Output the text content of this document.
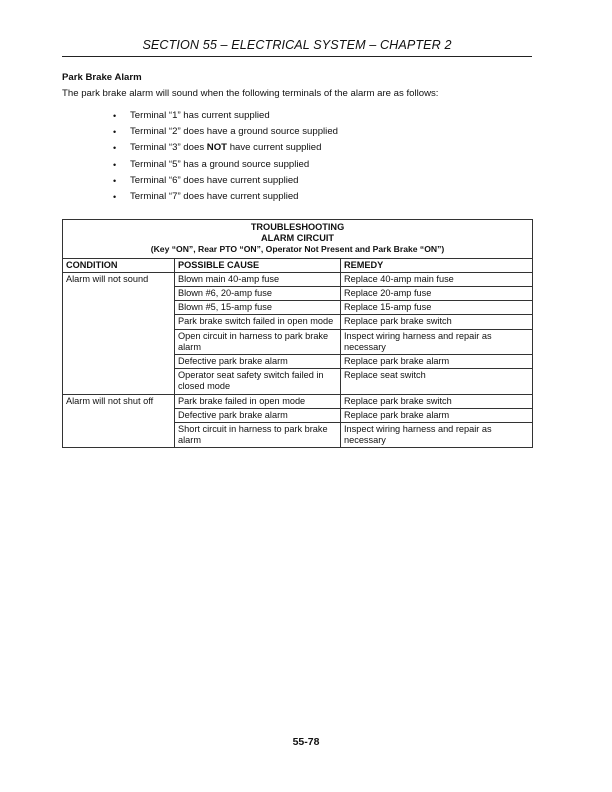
SECTION 55 – ELECTRICAL SYSTEM – CHAPTER 2
Park Brake Alarm
The park brake alarm will sound when the following terminals of the alarm are as follows:
• Terminal “1” has current supplied
• Terminal “2” does have a ground source supplied
• Terminal “3” does NOT have current supplied
• Terminal “5” has a ground source supplied
• Terminal “6” does have current supplied
• Terminal “7” does have current supplied
TROUBLESHOOTING
ALARM CIRCUIT
(Key “ON”, Rear PTO “ON”, Operator Not Present and Park Brake “ON”)		

CONDITION	POSSIBLE CAUSE	REMEDY
Alarm will not sound	Blown main 40-amp fuse	Replace 40-amp main fuse
	Blown #6, 20-amp fuse	Replace 20-amp fuse
	Blown #5, 15-amp fuse	Replace 15-amp fuse
	Park brake switch failed in open mode	Replace park brake switch
	Open circuit in harness to park brake alarm	Inspect wiring harness and repair as necessary
	Defective park brake alarm	Replace park brake alarm
	Operator seat safety switch failed in closed mode	Replace seat switch
Alarm will not shut off	Park brake failed in open mode	Replace park brake switch
	Defective park brake alarm	Replace park brake alarm
	Short circuit in harness to park brake alarm	Inspect wiring harness and repair as necessary
55-78
